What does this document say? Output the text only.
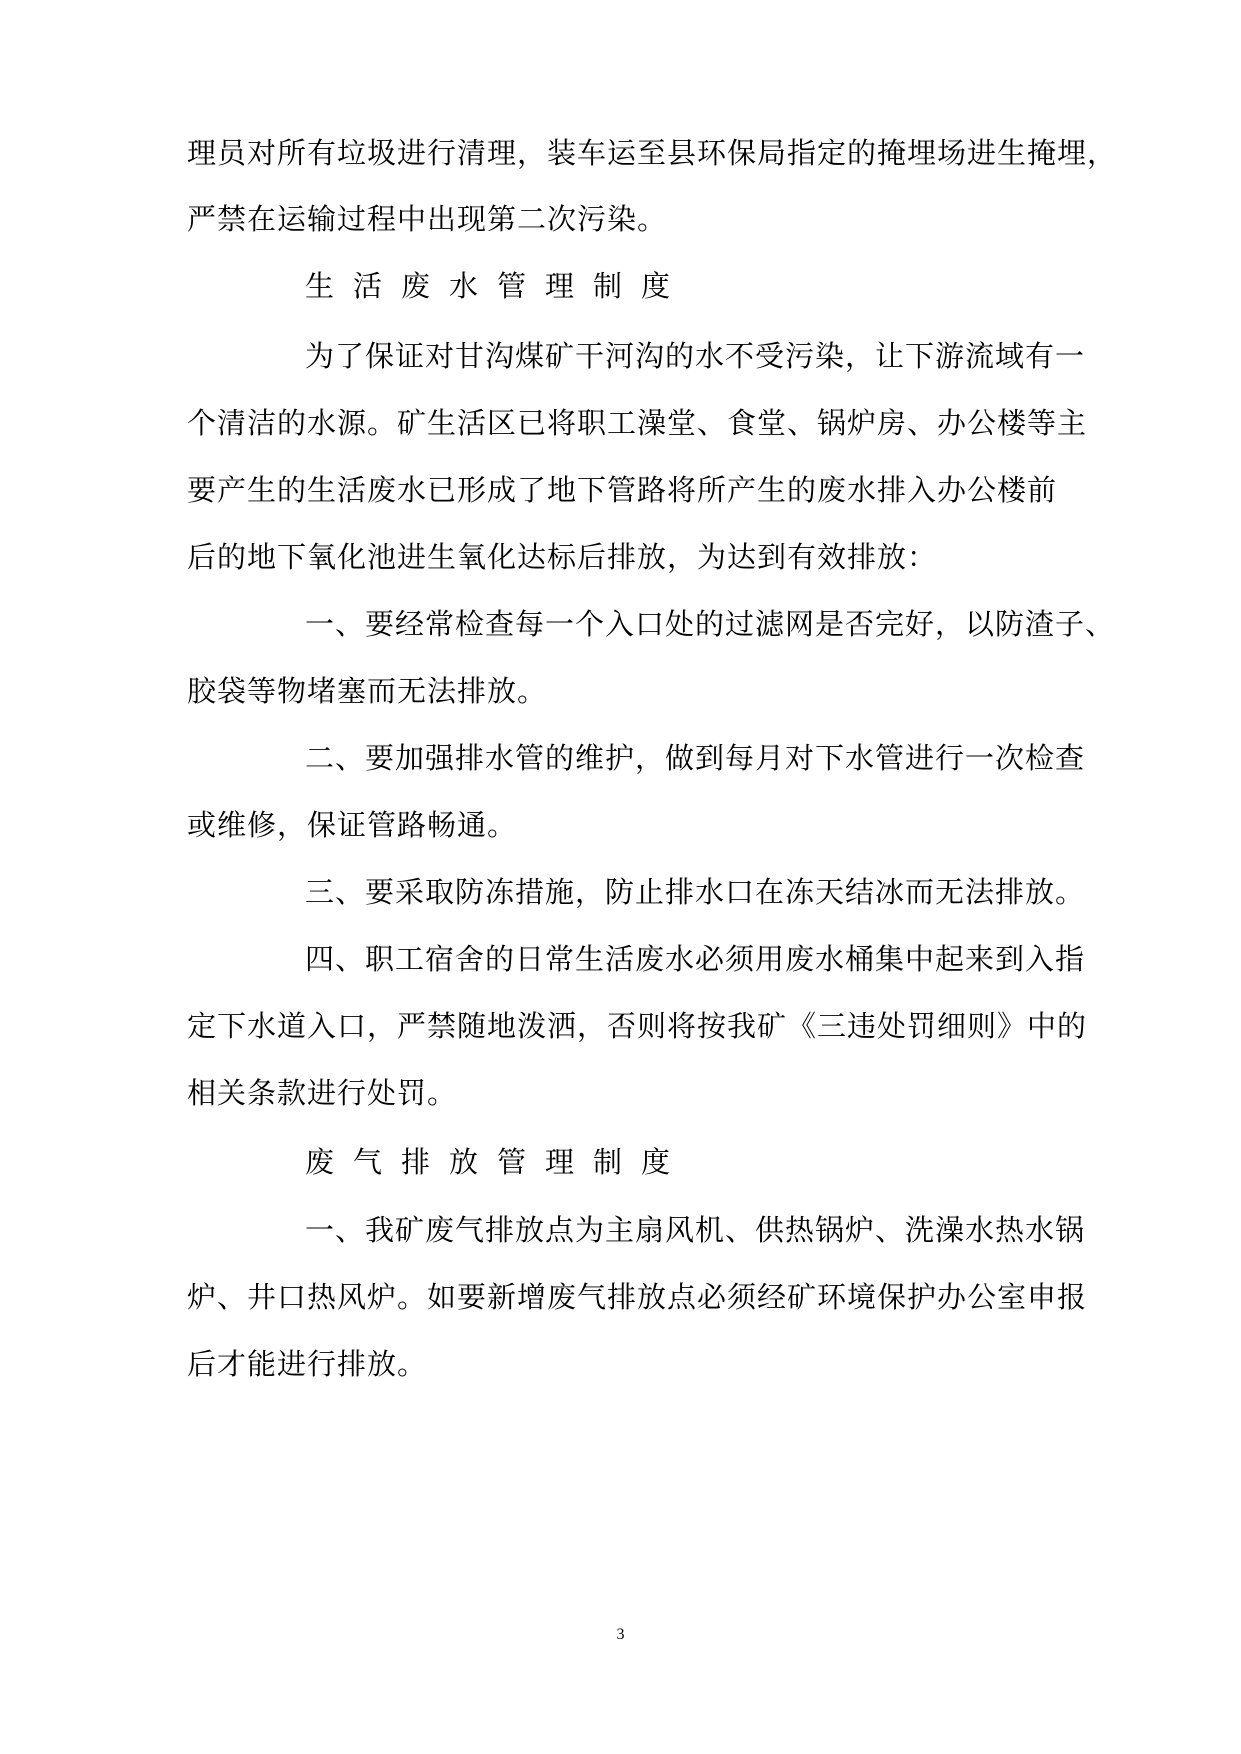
理员对所有垃圾进行清理，装车运至县环保局指定的掩埋场进生掩埋，
严禁在运输过程中出现第二次污染。
生活废水管理制度
为了保证对甘沟煤矿干河沟的水不受污染，让下游流域有一
个清洁的水源。矿生活区已将职工澡堂、食堂、锅炉房、办公楼等主
要产生的生活废水已形成了地下管路将所产生的废水排入办公楼前
后的地下氧化池进生氧化达标后排放，为达到有效排放：
一、要经常检查每一个入口处的过滤网是否完好，以防渣子、
胶袋等物堵塞而无法排放。
二、要加强排水管的维护，做到每月对下水管进行一次检查
或维修，保证管路畅通。
三、要采取防冻措施，防止排水口在冻天结冰而无法排放。
四、职工宿舍的日常生活废水必须用废水桶集中起来到入指
定下水道入口，严禁随地泼洒，否则将按我矿《三违处罚细则》中的
相关条款进行处罚。
废气排放管理制度
一、我矿废气排放点为主扇风机、供热锅炉、洗澡水热水锅
炉、井口热风炉。如要新增废气排放点必须经矿环境保护办公室申报
后才能进行排放。
3
